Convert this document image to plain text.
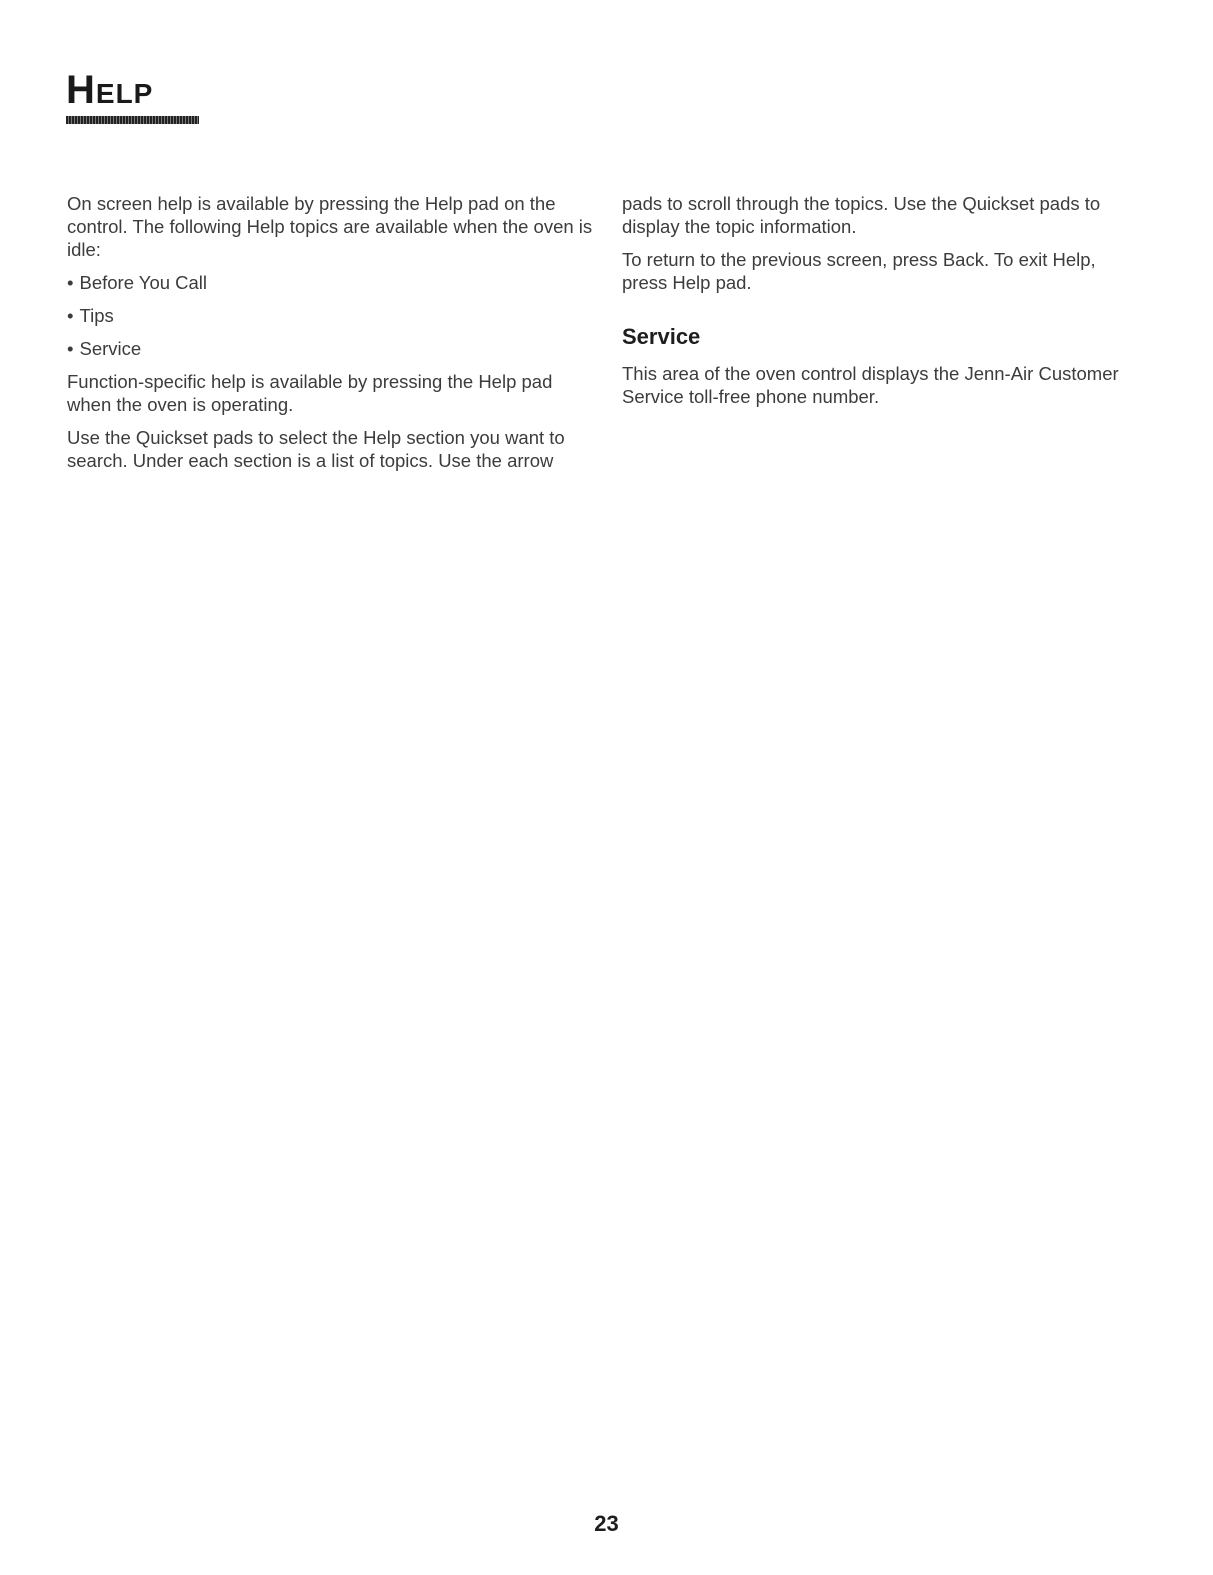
Help

On screen help is available by pressing the Help pad on the control. The following Help topics are available when the oven is idle:

• Before You Call
• Tips
• Service

Function-specific help is available by pressing the Help pad when the oven is operating.

Use the Quickset pads to select the Help section you want to search. Under each section is a list of topics. Use the arrow

pads to scroll through the topics. Use the Quickset pads to display the topic information.

To return to the previous screen, press Back. To exit Help, press Help pad.

Service

This area of the oven control displays the Jenn-Air Customer Service toll-free phone number.

23
